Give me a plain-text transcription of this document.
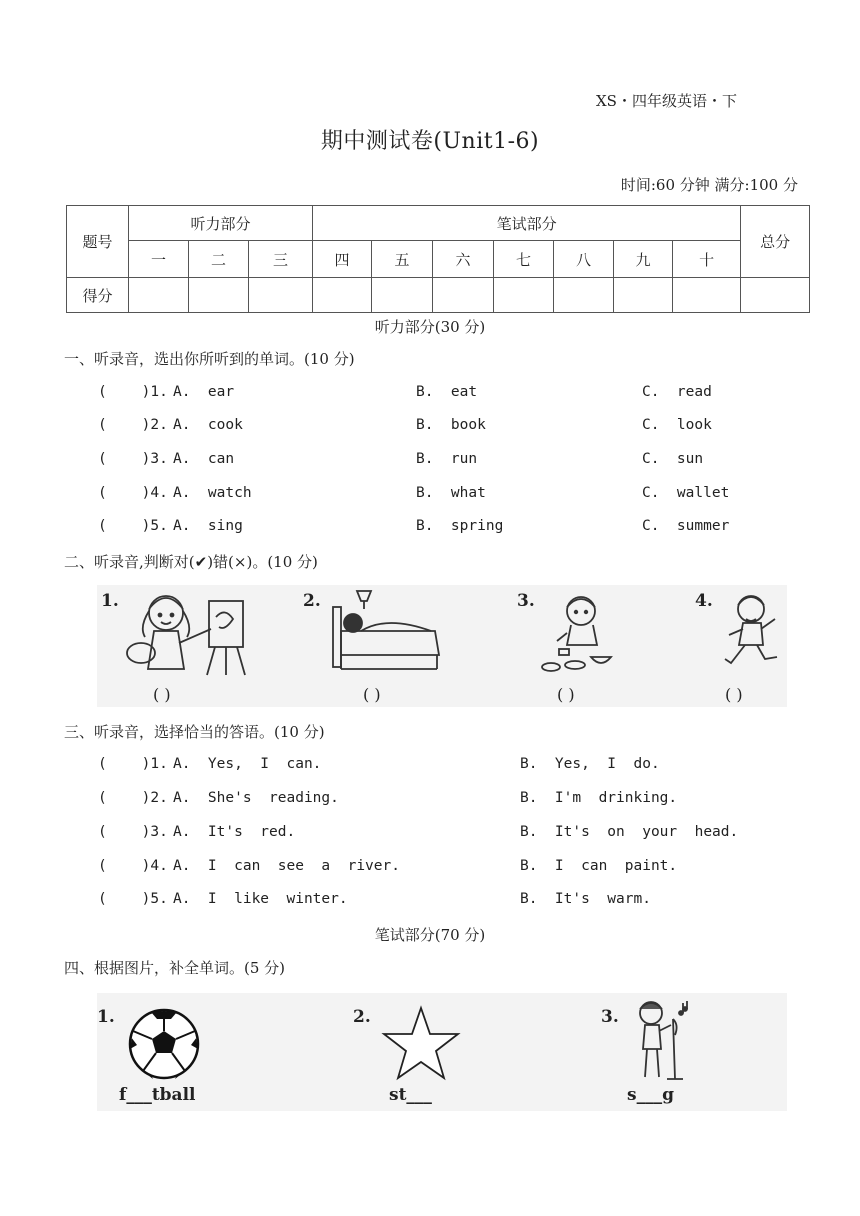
XS・四年级英语・下
期中测试卷(Unit1-6)
时间:60 分钟 满分:100 分
题号	听力部分			笔试部分							总分
	一	二	三	四	五	六	七	八	九	十	
得分											
听力部分(30 分)
一、听录音，选出你所听到的单词。(10 分)
(    )1. A.  ear	B.  eat	C.  read
(    )2. A.  cook	B.  book	C.  look
(    )3. A.  can	B.  run	C.  sun
(    )4. A.  watch	B.  what	C.  wallet
(    )5. A.  sing	B.  spring	C.  summer
二、听录音,判断对(✔)错(×)。(10 分)
1.
( )
2.
( )
3.
( )
4.
( )
三、听录音，选择恰当的答语。(10 分)
(    )1. A.  Yes,  I  can.	B.  Yes,  I  do.
(    )2. A.  She's  reading.	B.  I'm  drinking.
(    )3. A.  It's  red.	B.  It's  on  your  head.
(    )4. A.  I  can  see  a  river.	B.  I  can  paint.
(    )5. A.  I  like  winter.	B.  It's  warm.
笔试部分(70 分)
四、根据图片，补全单词。(5 分)
1.
f___tball
2.
st___
3.
s___g
